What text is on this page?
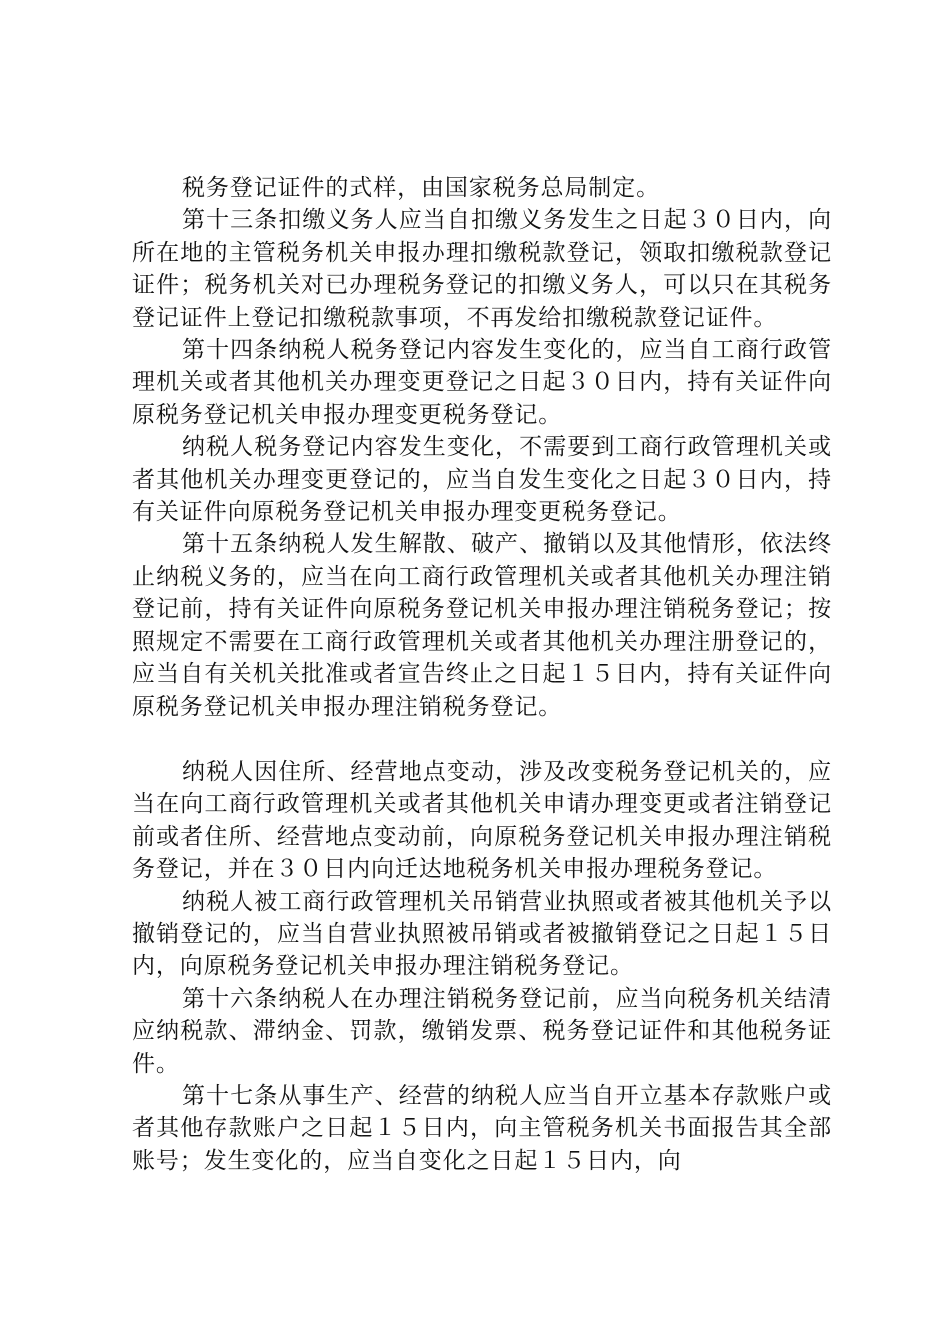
税务登记证件的式样，由国家税务总局制定。

第十三条扣缴义务人应当自扣缴义务发生之日起３０日内，向所在地的主管税务机关申报办理扣缴税款登记，领取扣缴税款登记证件；税务机关对已办理税务登记的扣缴义务人，可以只在其税务登记证件上登记扣缴税款事项，不再发给扣缴税款登记证件。

第十四条纳税人税务登记内容发生变化的，应当自工商行政管理机关或者其他机关办理变更登记之日起３０日内，持有关证件向原税务登记机关申报办理变更税务登记。

纳税人税务登记内容发生变化，不需要到工商行政管理机关或者其他机关办理变更登记的，应当自发生变化之日起３０日内，持有关证件向原税务登记机关申报办理变更税务登记。

第十五条纳税人发生解散、破产、撤销以及其他情形，依法终止纳税义务的，应当在向工商行政管理机关或者其他机关办理注销登记前，持有关证件向原税务登记机关申报办理注销税务登记；按照规定不需要在工商行政管理机关或者其他机关办理注册登记的，应当自有关机关批准或者宣告终止之日起１５日内，持有关证件向原税务登记机关申报办理注销税务登记。

纳税人因住所、经营地点变动，涉及改变税务登记机关的，应当在向工商行政管理机关或者其他机关申请办理变更或者注销登记前或者住所、经营地点变动前，向原税务登记机关申报办理注销税务登记，并在３０日内向迁达地税务机关申报办理税务登记。

纳税人被工商行政管理机关吊销营业执照或者被其他机关予以撤销登记的，应当自营业执照被吊销或者被撤销登记之日起１５日内，向原税务登记机关申报办理注销税务登记。

第十六条纳税人在办理注销税务登记前，应当向税务机关结清应纳税款、滞纳金、罚款，缴销发票、税务登记证件和其他税务证件。

第十七条从事生产、经营的纳税人应当自开立基本存款账户或者其他存款账户之日起１５日内，向主管税务机关书面报告其全部账号；发生变化的，应当自变化之日起１５日内，向
